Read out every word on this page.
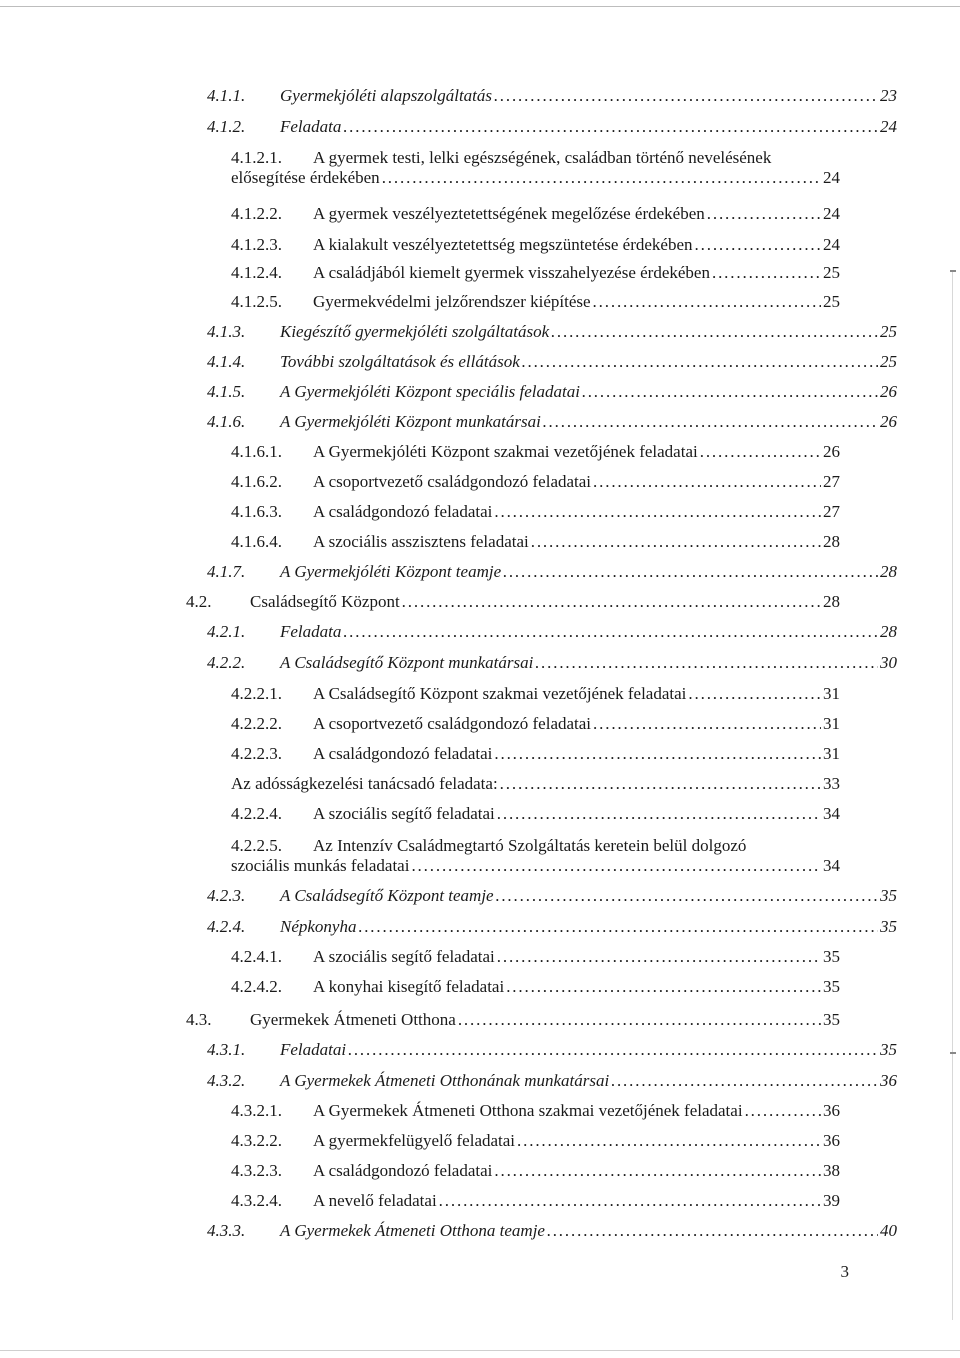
4.1.1.	Gyermekjóléti alapszolgáltatás . . .	23
4.1.2.	Feladata . . .	24
4.1.2.1.	A gyermek testi, lelki egészségének, családban történő nevelésének
elősegítése érdekében . . .	24
4.1.2.2.	A gyermek veszélyeztetettségének megelőzése érdekében . . .	24
4.1.2.3.	A kialakult veszélyeztetettség megszüntetése érdekében . . .	24
4.1.2.4.	A családjából kiemelt gyermek visszahelyezése érdekében . . .	25
4.1.2.5.	Gyermekvédelmi jelzőrendszer kiépítése . . .	25
4.1.3.	Kiegészítő gyermekjóléti szolgáltatások . . .	25
4.1.4.	További szolgáltatások és ellátások . . .	25
4.1.5.	A Gyermekjóléti Központ speciális feladatai . . .	26
4.1.6.	A Gyermekjóléti Központ munkatársai . . .	26
4.1.6.1.	A Gyermekjóléti Központ szakmai vezetőjének feladatai . . .	26
4.1.6.2.	A csoportvezető családgondozó feladatai . . .	27
4.1.6.3.	A családgondozó feladatai . . .	27
4.1.6.4.	A szociális asszisztens feladatai . . .	28
4.1.7.	A Gyermekjóléti Központ teamje . . .	28
4.2.	Családsegítő Központ . . .	28
4.2.1.	Feladata . . .	28
4.2.2.	A Családsegítő Központ munkatársai . . .	30
4.2.2.1.	A Családsegítő Központ szakmai vezetőjének feladatai . . .	31
4.2.2.2.	A csoportvezető családgondozó feladatai . . .	31
4.2.2.3.	A családgondozó feladatai . . .	31
Az adósságkezelési tanácsadó feladata: . . .	33
4.2.2.4.	A szociális segítő feladatai . . .	34
4.2.2.5.	Az Intenzív Családmegtartó Szolgáltatás keretein belül dolgozó
szociális munkás feladatai . . .	34
4.2.3.	A Családsegítő Központ teamje . . .	35
4.2.4.	Népkonyha . . .	35
4.2.4.1.	A szociális segítő feladatai . . .	35
4.2.4.2.	A konyhai kisegítő feladatai . . .	35
4.3.	Gyermekek Átmeneti Otthona . . .	35
4.3.1.	Feladatai . . .	35
4.3.2.	A Gyermekek Átmeneti Otthonának munkatársai . . .	36
4.3.2.1.	A Gyermekek Átmeneti Otthona szakmai vezetőjének feladatai . . .	36
4.3.2.2.	A gyermekfelügyelő feladatai . . .	36
4.3.2.3.	A családgondozó feladatai . . .	38
4.3.2.4.	A nevelő feladatai . . .	39
4.3.3.	A Gyermekek Átmeneti Otthona teamje . . .	40
3
